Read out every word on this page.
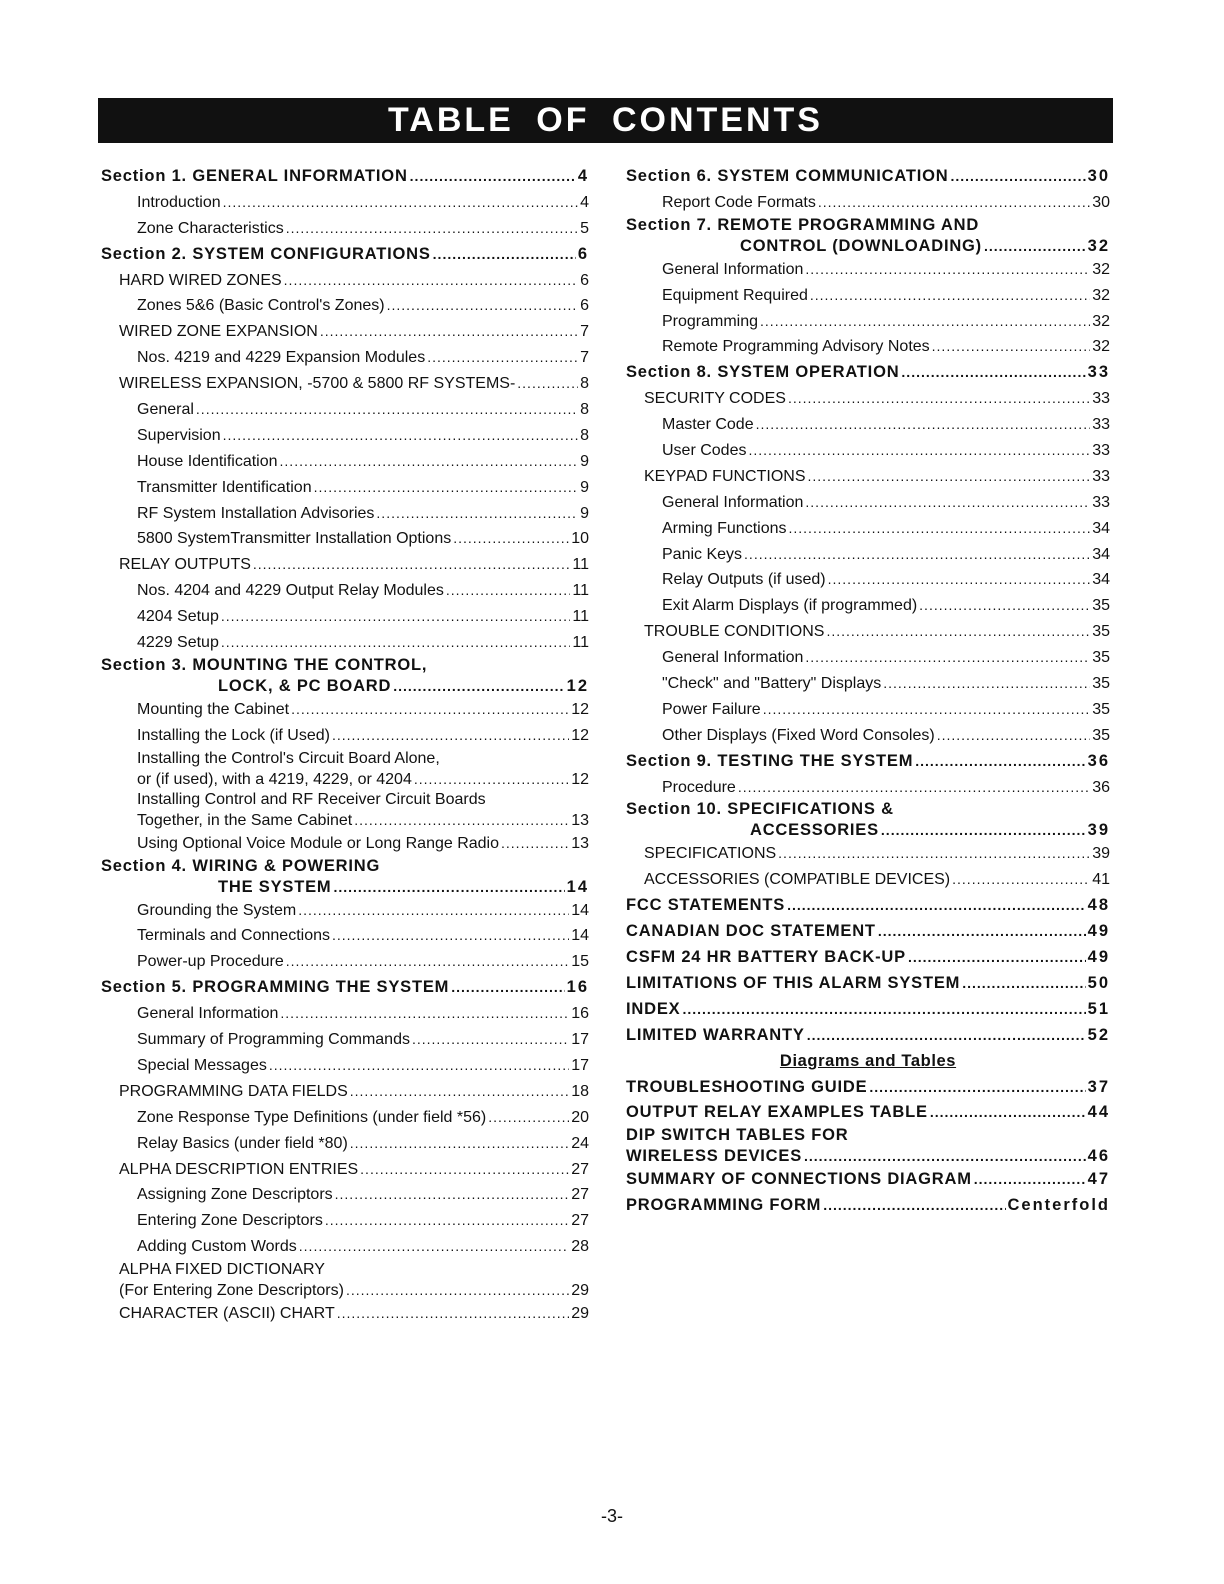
TABLE OF CONTENTS
Section 1. GENERAL INFORMATION .....	4
Introduction .....	4
Zone Characteristics .....	5
Section 2. SYSTEM CONFIGURATIONS .....	6
HARD WIRED ZONES .....	6
Zones 5&6 (Basic Control's Zones) .....	6
WIRED ZONE EXPANSION .....	7
Nos. 4219 and 4229 Expansion Modules .....	7
WIRELESS EXPANSION, -5700 & 5800 RF SYSTEMS- .....	8
General .....	8
Supervision .....	8
House Identification .....	9
Transmitter Identification .....	9
RF System Installation Advisories .....	9
5800 SystemTransmitter Installation Options .....	10
RELAY OUTPUTS .....	11
Nos. 4204 and 4229 Output Relay Modules .....	11
4204 Setup .....	11
4229 Setup .....	11
Section 3. MOUNTING THE CONTROL,
LOCK, & PC BOARD .....	12
Mounting the Cabinet .....	12
Installing the Lock (if Used) .....	12
Installing the Control's Circuit Board Alone,
or (if used), with a 4219, 4229, or 4204 .....	12
Installing Control and RF Receiver Circuit Boards
Together, in the Same Cabinet .....	13
Using Optional Voice Module or Long Range Radio .....	13
Section 4. WIRING & POWERING
THE SYSTEM .....	14
Grounding the System .....	14
Terminals and Connections .....	14
Power-up Procedure .....	15
Section 5. PROGRAMMING THE SYSTEM .....	16
General Information .....	16
Summary of Programming Commands .....	17
Special Messages .....	17
PROGRAMMING DATA FIELDS .....	18
Zone Response Type Definitions (under field *56) .....	20
Relay Basics (under field *80) .....	24
ALPHA DESCRIPTION ENTRIES .....	27
Assigning Zone Descriptors .....	27
Entering Zone Descriptors .....	27
Adding Custom Words .....	28
ALPHA FIXED DICTIONARY
(For Entering Zone Descriptors) .....	29
CHARACTER (ASCII) CHART .....	29
Section 6. SYSTEM COMMUNICATION .....	30
Report Code Formats .....	30
Section 7. REMOTE PROGRAMMING AND
CONTROL (DOWNLOADING) .....	32
General Information .....	32
Equipment Required .....	32
Programming .....	32
Remote Programming Advisory Notes .....	32
Section 8. SYSTEM OPERATION .....	33
SECURITY CODES .....	33
Master Code .....	33
User Codes .....	33
KEYPAD FUNCTIONS .....	33
General Information .....	33
Arming Functions .....	34
Panic Keys .....	34
Relay Outputs (if used) .....	34
Exit Alarm Displays (if programmed) .....	35
TROUBLE CONDITIONS .....	35
General Information .....	35
"Check" and "Battery" Displays .....	35
Power Failure .....	35
Other Displays (Fixed Word Consoles) .....	35
Section 9. TESTING THE SYSTEM .....	36
Procedure .....	36
Section 10. SPECIFICATIONS &
ACCESSORIES .....	39
SPECIFICATIONS .....	39
ACCESSORIES (COMPATIBLE DEVICES) .....	41
FCC STATEMENTS .....	48
CANADIAN DOC STATEMENT .....	49
CSFM 24 HR BATTERY BACK-UP .....	49
LIMITATIONS OF THIS ALARM SYSTEM .....	50
INDEX .....	51
LIMITED WARRANTY .....	52
Diagrams and Tables
TROUBLESHOOTING GUIDE .....	37
OUTPUT RELAY EXAMPLES TABLE .....	44
DIP SWITCH TABLES FOR
WIRELESS DEVICES .....	46
SUMMARY OF CONNECTIONS DIAGRAM .....	47
PROGRAMMING FORM .....	Centerfold
-3-
